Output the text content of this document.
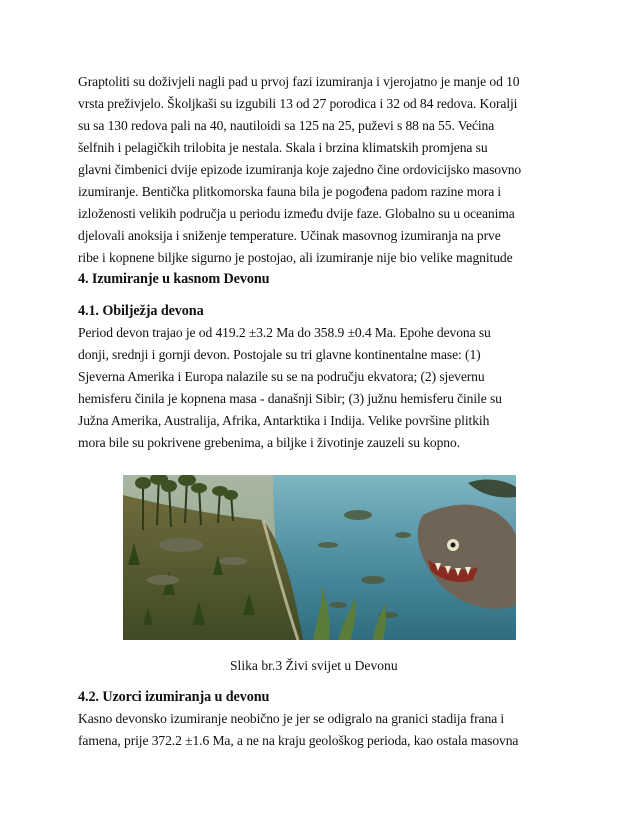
Graptoliti su doživjeli nagli pad u prvoj fazi izumiranja i vjerojatno je manje od 10
vrsta preživjelo. Školjkaši su izgubili 13 od 27 porodica i 32 od 84 redova. Koralji
su sa 130 redova pali na 40, nautiloidi sa 125 na 25, puževi s 88 na 55. Većina
šelfnih i pelagičkih trilobita je nestala. Skala i brzina klimatskih promjena su
glavni čimbenici dvije epizode izumiranja koje zajedno čine ordovicijsko masovno
izumiranje. Bentička plitkomorska fauna bila je pogođena padom razine mora i
izloženosti velikih područja u periodu između dvije faze. Globalno su u oceanima
djelovali anoksija i sniženje temperature. Učinak masovnog izumiranja na prve
ribe i kopnene biljke sigurno je postojao, ali izumiranje nije bio velike magnitude
4. Izumiranje u kasnom Devonu
4.1. Obilježja devona
Period devon trajao je od 419.2 ±3.2 Ma do 358.9 ±0.4 Ma. Epohe devona su
donji, srednji i gornji devon. Postojale su tri glavne kontinentalne mase: (1)
Sjeverna Amerika i Europa nalazile su se na području ekvatora; (2) sjevernu
hemisferu činila je kopnena masa - današnji Sibir; (3) južnu hemisferu činile su
Južna Amerika, Australija, Afrika, Antarktika i Indija. Velike površine plitkih
mora bile su pokrivene grebenima, a biljke i životinje zauzeli su kopno.
Slika br.3 Živi svijet u Devonu
4.2. Uzorci izumiranja u devonu
Kasno devonsko izumiranje neobično je jer se odigralo na granici stadija frana i
famena, prije 372.2 ±1.6 Ma, a ne na kraju geološkog perioda, kao ostala masovna
